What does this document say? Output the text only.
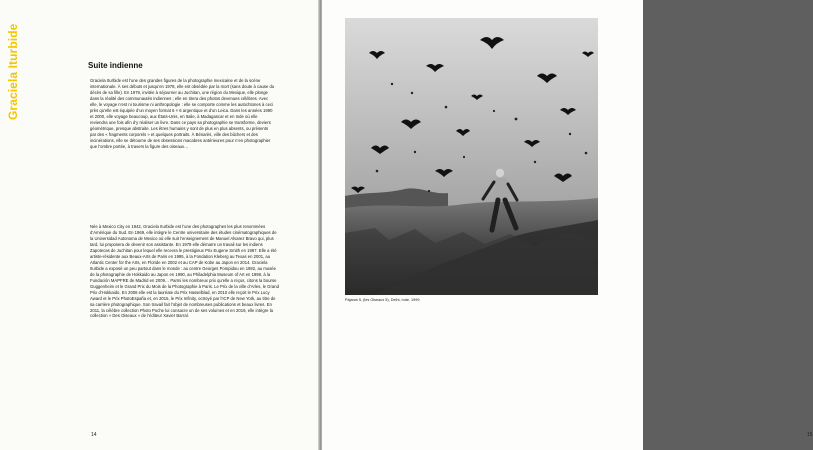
Graciela Iturbide	Suite indienne

Graciela Iturbide est l’une des grandes figures de la photographie mexicaine et de la scène internationale. À ses débuts et jusqu’en 1978, elle est obsédée par la mort (sans doute à cause du décès de sa fille). En 1979, invitée à séjourner au Juchitan, une région du Mexique, elle plonge dans la réalité des communautés indiennes ; elle en tirera des photos devenues célèbres. Avec elle, le voyage n’est ni tourisme ni anthropologie : elle se comporte comme les autochtones à ceci près qu’elle est équipée d’un moyen format 6 × 6 argentique et d’un Leica. Dans les années 1990 et 2000, elle voyage beaucoup, aux États-Unis, en Italie, à Madagascar et en Inde où elle reviendra une fois afin d’y réaliser un livre. Dans ce pays sa photographie se transforme, devient géométrique, presque abstraite. Les êtres humains y sont de plus en plus absents, ou présents par des « fragments corporels » et quelques portraits. À Bénarès, ville des bûchers et des incinérations, elle se détourne de ses obsessions macabres antérieures pour n’en photographier que l’ombre portée, à travers la figure des oiseaux…

Née à Mexico City en 1942, Graciela Iturbide est l’une des photographes les plus renommées d’Amérique du Sud. En 1969, elle intègre le Centre universitaire des études cinématographiques de la Universidad Autonoma de Mexico où elle suit l’enseignement de Manuel Alvarez Bravo qui, plus tard, lui proposera de devenir son assistante. En 1979 elle démarre un travail sur les indiens Zapotecas de Juchitan pour lequel elle recevra le prestigieux Prix Eugene Smith en 1987. Elle a été artiste-résidente aux Beaux-Arts de Paris en 1995, à la Fondation Kleberg au Texas en 2001, au Atlantic Center for the Arts, en Floride en 2002 et au CAP de Kobe au Japon en 2014. Graciela Iturbide a exposé un peu partout dans le monde : au centre Georges Pompidou en 1982, au musée de la photographie de Hokkaido au Japon en 1990, au Philadelphia Museum of Art en 1998, à la Fundación MAPFRE de Madrid en 2009… Parmi les nombreux prix qu’elle a reçus, citons la bourse Guggenheim et le Grand Prix du Mois de la Photographie à Paris. Le Prix de la ville d’Arles, le Grand Prix d’Hokkaido. En 2008 elle est la lauréate du Prix Hasselblad, en 2010 elle reçoit le Prix Lucy Award et le Prix PhotoEspaña et, en 2015, le Prix Infinity, octroyé par l’ICP de New York, au titre de sa carrière photographique. Son travail fait l’objet de nombreuses publications et beaux livres. En 2011, la célèbre collection Photo Poche lui consacre un de ses volumes et en 2019, elle intègre la collection « Des Oiseaux » de l’éditeur Xavier Barral.

14	15
Pájaros 5, (les Oiseaux 5), Delhi, Inde, 1999
